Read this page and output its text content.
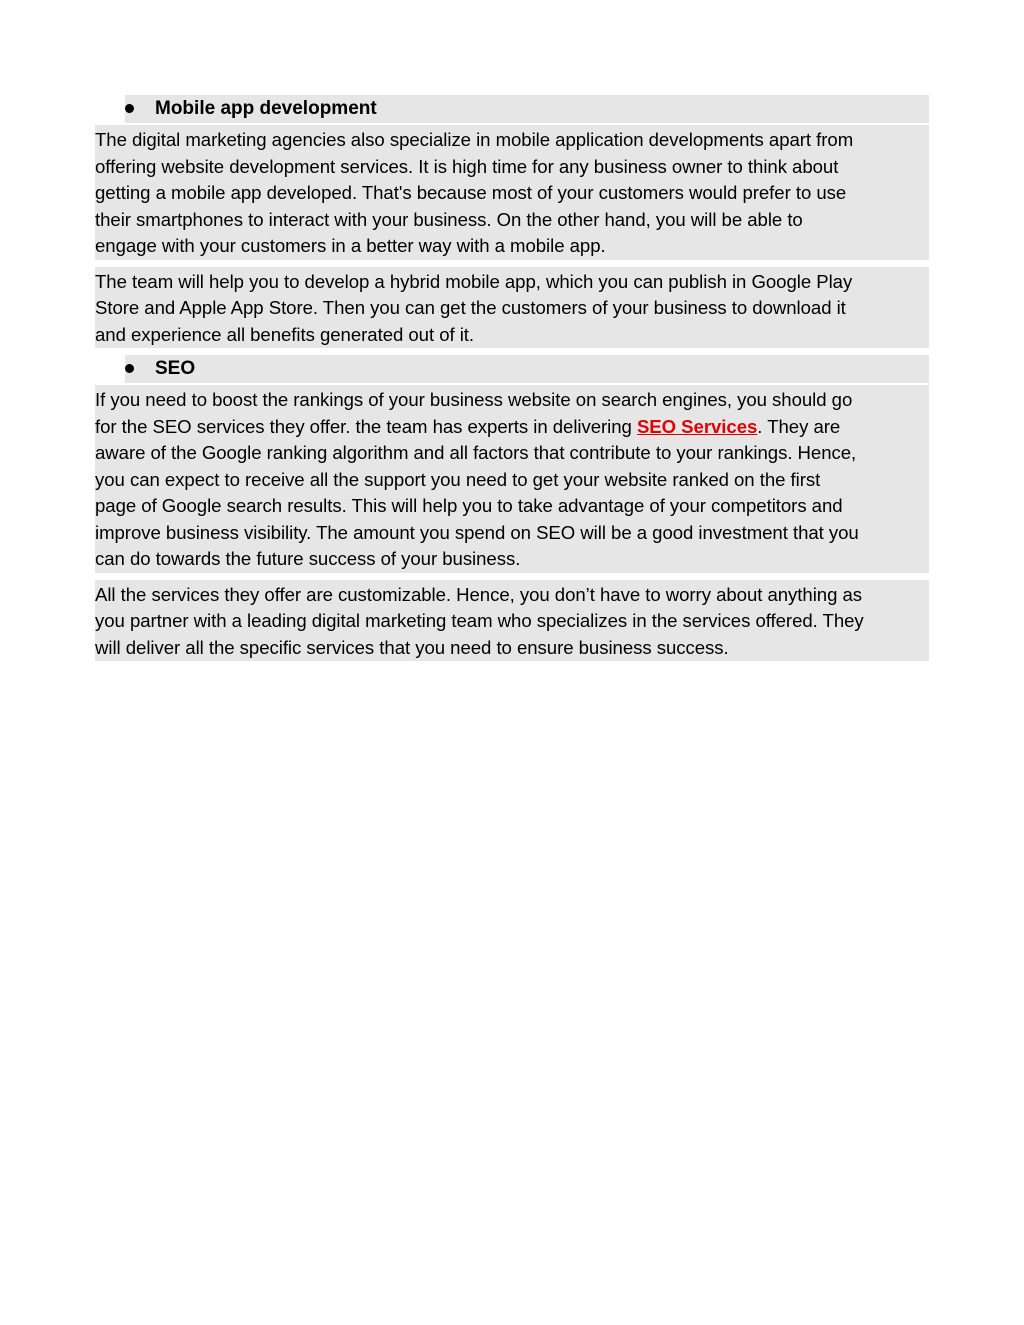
Mobile app development
The digital marketing agencies also specialize in mobile application developments apart from
offering website development services. It is high time for any business owner to think about
getting a mobile app developed. That's because most of your customers would prefer to use
their smartphones to interact with your business. On the other hand, you will be able to
engage with your customers in a better way with a mobile app.
The team will help you to develop a hybrid mobile app, which you can publish in Google Play
Store and Apple App Store. Then you can get the customers of your business to download it
and experience all benefits generated out of it.
SEO
If you need to boost the rankings of your business website on search engines, you should go
for the SEO services they offer. the team has experts in delivering SEO Services. They are
aware of the Google ranking algorithm and all factors that contribute to your rankings. Hence,
you can expect to receive all the support you need to get your website ranked on the first
page of Google search results. This will help you to take advantage of your competitors and
improve business visibility. The amount you spend on SEO will be a good investment that you
can do towards the future success of your business.
All the services they offer are customizable. Hence, you don’t have to worry about anything as
you partner with a leading digital marketing team who specializes in the services offered. They
will deliver all the specific services that you need to ensure business success.
